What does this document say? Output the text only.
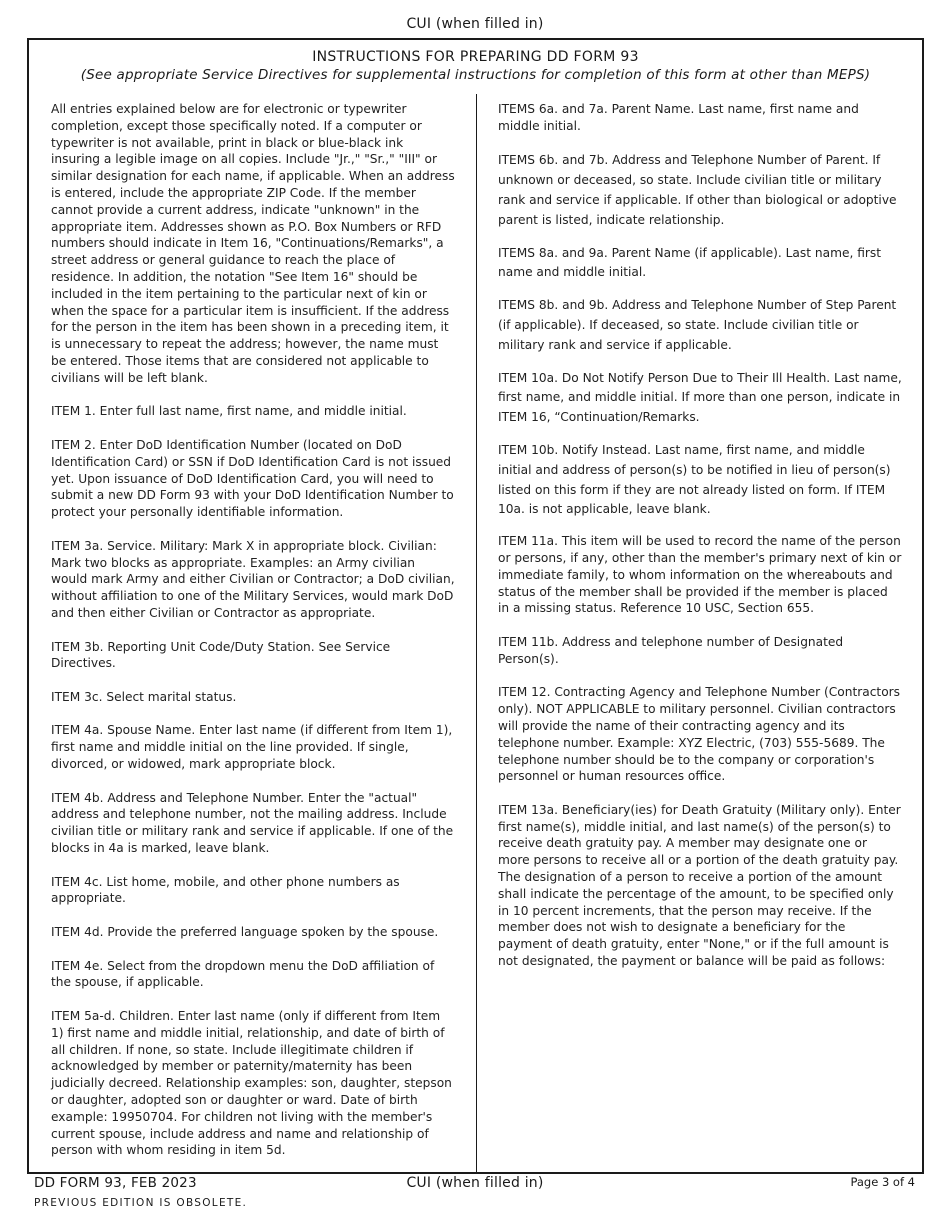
CUI (when filled in)
INSTRUCTIONS FOR PREPARING DD FORM 93
(See appropriate Service Directives for supplemental instructions for completion of this form at other than MEPS)

All entries explained below are for electronic or typewriter completion, except those specifically noted. If a computer or typewriter is not available, print in black or blue-black ink insuring a legible image on all copies. Include "Jr.," "Sr.," "III" or similar designation for each name, if applicable. When an address is entered, include the appropriate ZIP Code. If the member cannot provide a current address, indicate "unknown" in the appropriate item. Addresses shown as P.O. Box Numbers or RFD numbers should indicate in Item 16, "Continuations/Remarks", a street address or general guidance to reach the place of residence. In addition, the notation "See Item 16" should be included in the item pertaining to the particular next of kin or when the space for a particular item is insufficient. If the address for the person in the item has been shown in a preceding item, it is unnecessary to repeat the address; however, the name must be entered. Those items that are considered not applicable to civilians will be left blank.

ITEM 1. Enter full last name, first name, and middle initial.

ITEM 2. Enter DoD Identification Number (located on DoD Identification Card) or SSN if DoD Identification Card is not issued yet. Upon issuance of DoD Identification Card, you will need to submit a new DD Form 93 with your DoD Identification Number to protect your personally identifiable information.

ITEM 3a. Service. Military: Mark X in appropriate block. Civilian: Mark two blocks as appropriate. Examples: an Army civilian would mark Army and either Civilian or Contractor; a DoD civilian, without affiliation to one of the Military Services, would mark DoD and then either Civilian or Contractor as appropriate.

ITEM 3b. Reporting Unit Code/Duty Station. See Service Directives.

ITEM 3c. Select marital status.

ITEM 4a. Spouse Name. Enter last name (if different from Item 1), first name and middle initial on the line provided. If single, divorced, or widowed, mark appropriate block.

ITEM 4b. Address and Telephone Number. Enter the "actual" address and telephone number, not the mailing address. Include civilian title or military rank and service if applicable. If one of the blocks in 4a is marked, leave blank.

ITEM 4c. List home, mobile, and other phone numbers as appropriate.

ITEM 4d. Provide the preferred language spoken by the spouse.

ITEM 4e. Select from the dropdown menu the DoD affiliation of the spouse, if applicable.

ITEM 5a-d. Children. Enter last name (only if different from Item 1) first name and middle initial, relationship, and date of birth of all children. If none, so state. Include illegitimate children if acknowledged by member or paternity/maternity has been judicially decreed. Relationship examples: son, daughter, stepson or daughter, adopted son or daughter or ward. Date of birth example: 19950704. For children not living with the member's current spouse, include address and name and relationship of person with whom residing in item 5d.

ITEMS 6a. and 7a. Parent Name. Last name, first name and middle initial.

ITEMS 6b. and 7b. Address and Telephone Number of Parent. If unknown or deceased, so state. Include civilian title or military rank and service if applicable. If other than biological or adoptive parent is listed, indicate relationship.

ITEMS 8a. and 9a. Parent Name (if applicable). Last name, first name and middle initial.

ITEMS 8b. and 9b. Address and Telephone Number of Step Parent (if applicable). If deceased, so state. Include civilian title or military rank and service if applicable.

ITEM 10a. Do Not Notify Person Due to Their Ill Health. Last name, first name, and middle initial. If more than one person, indicate in ITEM 16, “Continuation/Remarks.

ITEM 10b. Notify Instead. Last name, first name, and middle initial and address of person(s) to be notified in lieu of person(s) listed on this form if they are not already listed on form. If ITEM 10a. is not applicable, leave blank.

ITEM 11a. This item will be used to record the name of the person or persons, if any, other than the member's primary next of kin or immediate family, to whom information on the whereabouts and status of the member shall be provided if the member is placed in a missing status. Reference 10 USC, Section 655.

ITEM 11b. Address and telephone number of Designated Person(s).

ITEM 12. Contracting Agency and Telephone Number (Contractors only). NOT APPLICABLE to military personnel. Civilian contractors will provide the name of their contracting agency and its telephone number. Example: XYZ Electric, (703) 555-5689. The telephone number should be to the company or corporation's personnel or human resources office.

ITEM 13a. Beneficiary(ies) for Death Gratuity (Military only). Enter first name(s), middle initial, and last name(s) of the person(s) to receive death gratuity pay. A member may designate one or more persons to receive all or a portion of the death gratuity pay. The designation of a person to receive a portion of the amount shall indicate the percentage of the amount, to be specified only in 10 percent increments, that the person may receive. If the member does not wish to designate a beneficiary for the payment of death gratuity, enter "None," or if the full amount is not designated, the payment or balance will be paid as follows:

DD FORM 93, FEB 2023
PREVIOUS EDITION IS OBSOLETE.
CUI (when filled in)	Page 3 of 4
